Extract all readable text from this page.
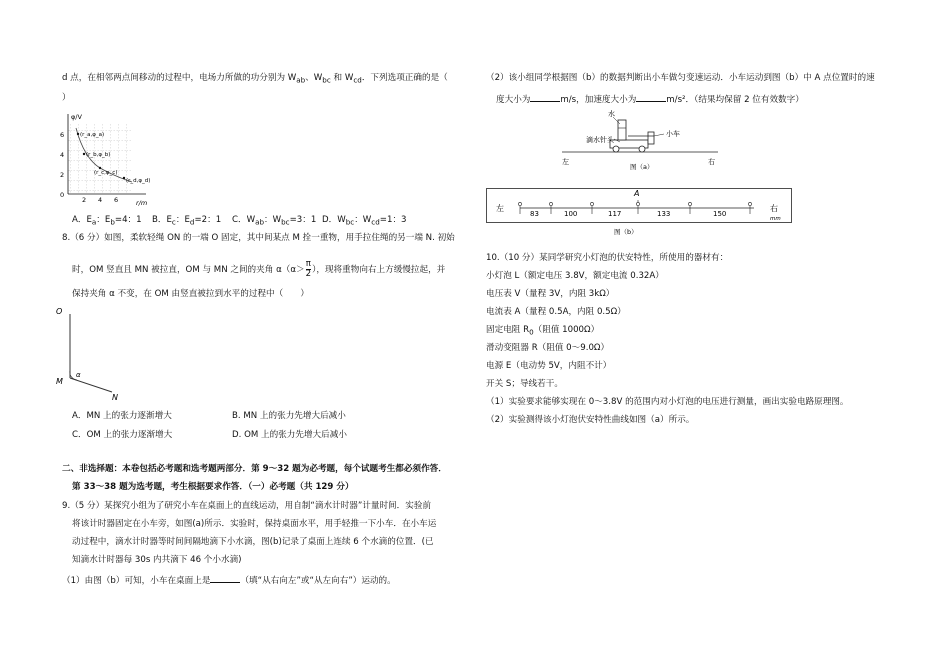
d 点，在相邻两点间移动的过程中，电场力所做的功分别为 $W_{ab}$、$W_{bc}$ 和 $W_{cd}$．下列选项正确的是（
）
φ/V
r/m
6
4
2
0
2 4 6
(r_a,φ_a)
(r_b,φ_b)
(r_c,φ_c)
(r_d,φ_d)
A．$E_a$：$E_b=4$：1 B．$E_c$：$E_d=2$：1 C．$W_{ab}$：$W_{bc}=3$：1 D．$W_{bc}$：$W_{cd}=1$：3
8.（6 分）如图，柔软轻绳 ON 的一端 O 固定，其中间某点 M 拴一重物，用手拉住绳的另一端 N. 初始
时，OM 竖直且 MN 被拉直，OM 与 MN 之间的夹角 $\alpha(\alpha> \frac{\pi}{2}$ ），现将重物向右上方缓慢拉起，并
保持夹角 α 不变，在 OM 由竖直被拉到水平的过程中（　　）
O
M
N
α
A．MN 上的张力逐渐增大	B. MN 上的张力先增大后减小
C．OM 上的张力逐渐增大	D. OM 上的张力先增大后减小
二、非选择题：本卷包括必考题和选考题两部分．第 9～32 题为必考题，每个试题考生都必须作答．
第 33～38 题为选考题，考生根据要求作答．（一）必考题（共 129 分）
9.（5 分）某探究小组为了研究小车在桌面上的直线运动，用自制“滴水计时器”计量时间．实验前
将该计时器固定在小车旁，如图(a)所示．实验时，保持桌面水平，用手轻推一下小车．在小车运
动过程中，滴水计时器等时间间隔地滴下小水滴，图(b)记录了桌面上连续 6 个水滴的位置．(已
知滴水计时器每 30s 内共滴下 46 个小水滴)
（1）由图（b）可知，小车在桌面上是	（填“从右向左”或“从左向右”）运动的。
（2）该小组同学根据图（b）的数据判断出小车做匀变速运动．小车运动到图（b）中 A 点位置时的速
度大小为	m/s，加速度大小为	m/s²．（结果均保留 2 位有效数字）
水
滴水针头
小车
左	右
图（a）
左	右
mm
A
83	100	117	133	150
图（b）
10.（10 分）某同学研究小灯泡的伏安特性，所使用的器材有：
小灯泡 L（额定电压 3.8V，额定电流 0.32A）
电压表 V（量程 3V，内阻 3kΩ）
电流表 A（量程 0.5A，内阻 0.5Ω）
固定电阻 $R_0$（阻值 1000Ω）
滑动变阻器 R（阻值 0～9.0Ω）
电源 E（电动势 5V，内阻不计）
开关 S；导线若干。
（1）实验要求能够实现在 0～3.8V 的范围内对小灯泡的电压进行测量，画出实验电路原理图。
（2）实验测得该小灯泡伏安特性曲线如图（a）所示。
